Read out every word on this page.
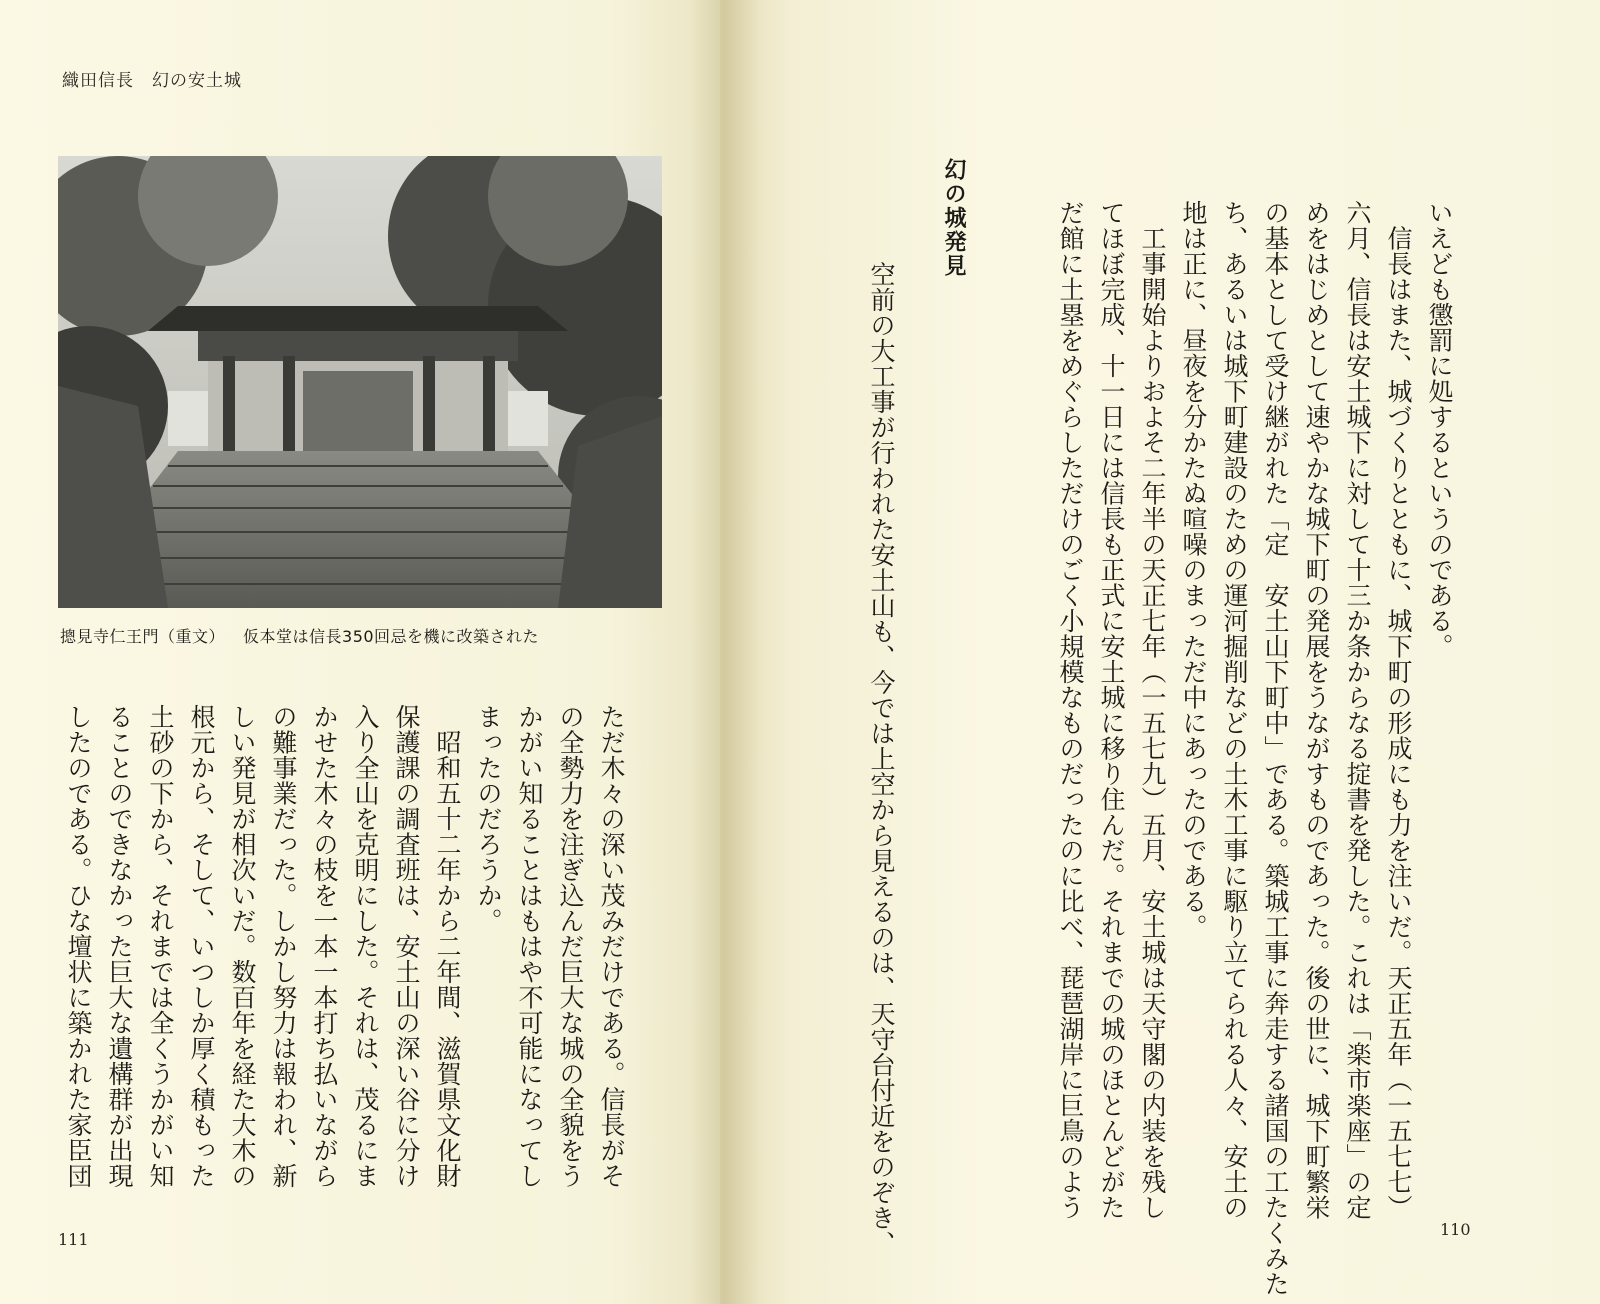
織田信長　幻の安土城
摠見寺仁王門（重文） 仮本堂は信長350回忌を機に改築された

ただ木々の深い茂みだけである。信長がそ

の全勢力を注ぎ込んだ巨大な城の全貌をう

かがい知ることはもはや不可能になってし

まったのだろうか。

　昭和五十二年から二年間、滋賀県文化財

保護課の調査班は、安土山の深い谷に分け

入り全山を克明にした。それは、茂るにま

かせた木々の枝を一本一本打ち払いながら

の難事業だった。しかし努力は報われ、新

しい発見が相次いだ。数百年を経た大木の

根元から、そして、いつしか厚く積もった

土砂の下から、それまでは全くうかがい知

ることのできなかった巨大な遺構群が出現

したのである。ひな壇状に築かれた家臣団

111

いえども懲罰に処するというのである。

　信長はまた、城づくりとともに、城下町の形成にも力を注いだ。天正五年（一五七七）

六月、信長は安土城下に対して十三か条からなる掟書を発した。これは「楽市楽座」の定

めをはじめとして速やかな城下町の発展をうながすものであった。後の世に、城下町繁栄

の基本として受け継がれた「定　安土山下町中」である。築城工事に奔走する諸国の工たくみた

ち、あるいは城下町建設のための運河掘削などの土木工事に駆り立てられる人々、安土の

地は正に、昼夜を分かたぬ喧噪のまっただ中にあったのである。

　工事開始よりおよそ二年半の天正七年（一五七九）五月、安土城は天守閣の内装を残し

てほぼ完成、十一日には信長も正式に安土城に移り住んだ。それまでの城のほとんどがた

だ館に土塁をめぐらしただけのごく小規模なものだったのに比べ、琵琶湖岸に巨鳥のよう

幻の城発見

　空前の大工事が行われた安土山も、今では上空から見えるのは、天守台付近をのぞき、	110
